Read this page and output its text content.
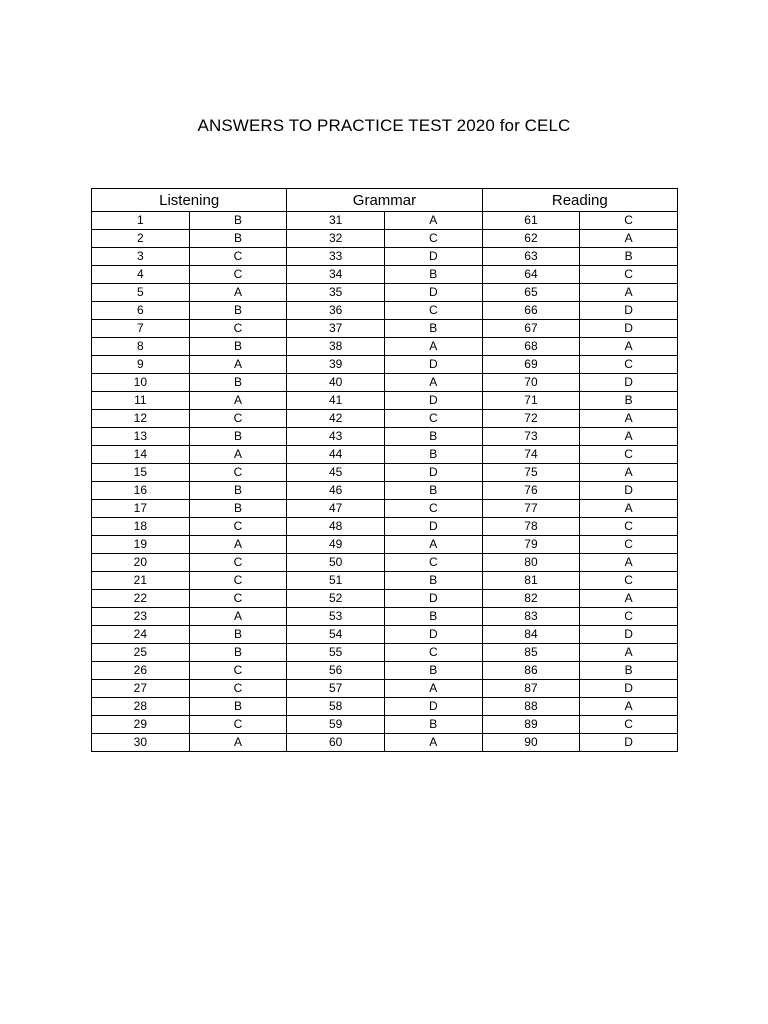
ANSWERS TO PRACTICE TEST 2020 for CELC
Listening		Grammar		Reading	
1	B	31	A	61	C
2	B	32	C	62	A
3	C	33	D	63	B
4	C	34	B	64	C
5	A	35	D	65	A
6	B	36	C	66	D
7	C	37	B	67	D
8	B	38	A	68	A
9	A	39	D	69	C
10	B	40	A	70	D
11	A	41	D	71	B
12	C	42	C	72	A
13	B	43	B	73	A
14	A	44	B	74	C
15	C	45	D	75	A
16	B	46	B	76	D
17	B	47	C	77	A
18	C	48	D	78	C
19	A	49	A	79	C
20	C	50	C	80	A
21	C	51	B	81	C
22	C	52	D	82	A
23	A	53	B	83	C
24	B	54	D	84	D
25	B	55	C	85	A
26	C	56	B	86	B
27	C	57	A	87	D
28	B	58	D	88	A
29	C	59	B	89	C
30	A	60	A	90	D
